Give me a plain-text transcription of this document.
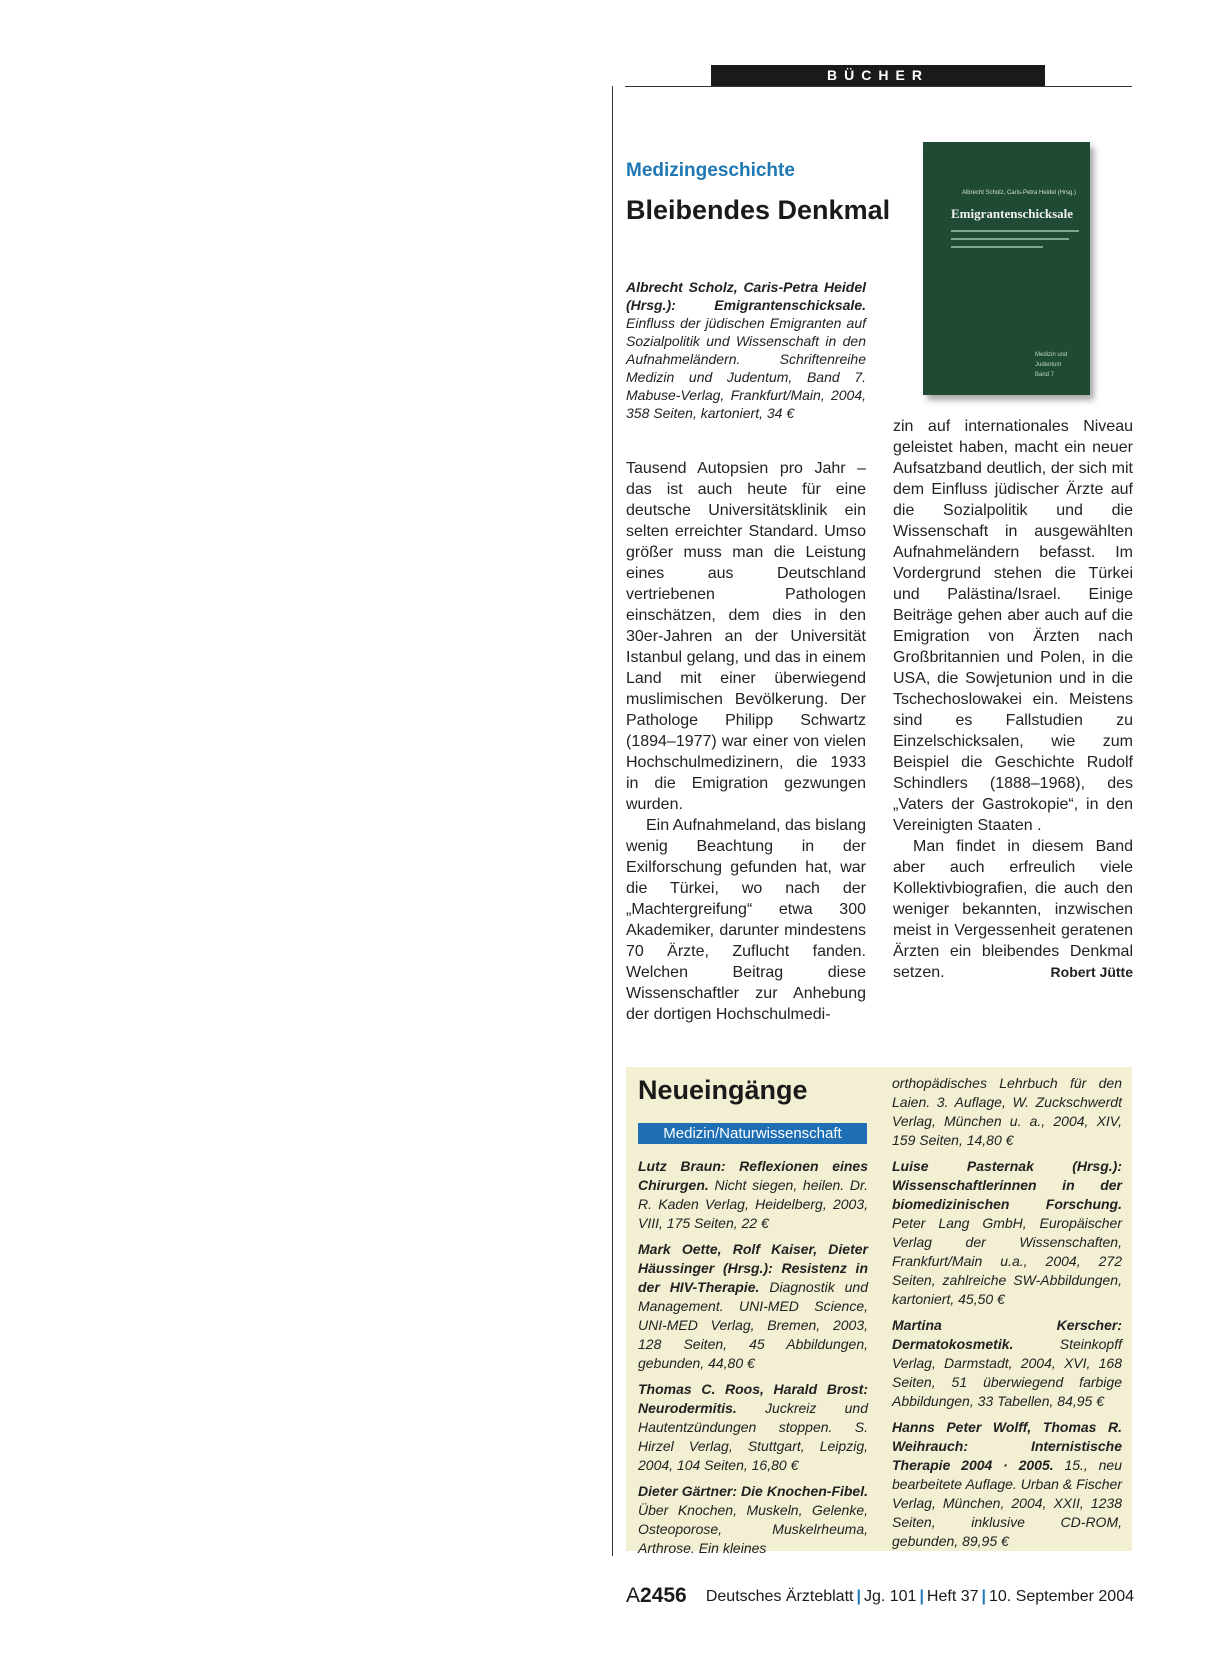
BÜCHER
Medizingeschichte
Bleibendes Denkmal
Albrecht Scholz, Caris-Petra Heidel (Hrsg.): Emigrantenschicksale. Einfluss der jüdischen Emigranten auf Sozialpolitik und Wissenschaft in den Aufnahmeländern. Schriftenreihe Medizin und Judentum, Band 7. Mabuse-Verlag, Frankfurt/Main, 2004, 358 Seiten, kartoniert, 34 €
Albrecht Scholz, Caris-Petra Heidel (Hrsg.)
Emigrantenschicksale
Medizin und
Judentum
Band 7

Tausend Autopsien pro Jahr – das ist auch heute für eine deutsche Universitätsklinik ein selten erreichter Standard. Umso größer muss man die Leistung eines aus Deutschland vertriebenen Pathologen einschätzen, dem dies in den 30er-Jahren an der Universität Istanbul gelang, und das in einem Land mit einer überwiegend muslimischen Bevölkerung. Der Pathologe Philipp Schwartz (1894–1977) war einer von vielen Hochschulmedizinern, die 1933 in die Emigration gezwungen wurden.

Ein Aufnahmeland, das bislang wenig Beachtung in der Exilforschung gefunden hat, war die Türkei, wo nach der „Machtergreifung“ etwa 300 Akademiker, darunter mindestens 70 Ärzte, Zuflucht fanden. Welchen Beitrag diese Wissenschaftler zur Anhebung der dortigen Hochschulmedi-

zin auf internationales Niveau geleistet haben, macht ein neuer Aufsatzband deutlich, der sich mit dem Einfluss jüdischer Ärzte auf die Sozialpolitik und die Wissenschaft in ausgewählten Aufnahmeländern befasst. Im Vordergrund stehen die Türkei und Palästina/Israel. Einige Beiträge gehen aber auch auf die Emigration von Ärzten nach Großbritannien und Polen, in die USA, die Sowjetunion und in die Tschechoslowakei ein. Meistens sind es Fallstudien zu Einzelschicksalen, wie zum Beispiel die Geschichte Rudolf Schindlers (1888–1968), des „Vaters der Gastrokopie“, in den Vereinigten Staaten .

Man findet in diesem Band aber auch erfreulich viele Kollektivbiografien, die auch den weniger bekannten, inzwischen meist in Vergessenheit geratenen Ärzten ein bleibendes Denkmal setzen.	Robert Jütte

Neueingänge
Medizin/Naturwissenschaft

Lutz Braun: Reflexionen eines Chirurgen. Nicht siegen, heilen. Dr. R. Kaden Verlag, Heidelberg, 2003, VIII, 175 Seiten, 22 €

Mark Oette, Rolf Kaiser, Dieter Häussinger (Hrsg.): Resistenz in der HIV-Therapie. Diagnostik und Management. UNI-MED Science, UNI-MED Verlag, Bremen, 2003, 128 Seiten, 45 Abbildungen, gebunden, 44,80 €

Thomas C. Roos, Harald Brost: Neurodermitis. Juckreiz und Hautentzündungen stoppen. S. Hirzel Verlag, Stuttgart, Leipzig, 2004, 104 Seiten, 16,80 €

Dieter Gärtner: Die Knochen-Fibel. Über Knochen, Muskeln, Gelenke, Osteoporose, Muskelrheuma, Arthrose. Ein kleines

orthopädisches Lehrbuch für den Laien. 3. Auflage, W. Zuckschwerdt Verlag, München u. a., 2004, XIV, 159 Seiten, 14,80 €

Luise Pasternak (Hrsg.): Wissenschaftlerinnen in der biomedizinischen Forschung. Peter Lang GmbH, Europäischer Verlag der Wissenschaften, Frankfurt/Main u.a., 2004, 272 Seiten, zahlreiche SW-Abbildungen, kartoniert, 45,50 €

Martina Kerscher: Dermatokosmetik. Steinkopff Verlag, Darmstadt, 2004, XVI, 168 Seiten, 51 überwiegend farbige Abbildungen, 33 Tabellen, 84,95 €

Hanns Peter Wolff, Thomas R. Weihrauch: Internistische Therapie 2004 · 2005. 15., neu bearbeitete Auflage. Urban & Fischer Verlag, München, 2004, XXII, 1238 Seiten, inklusive CD-ROM, gebunden, 89,95 €

A2456 Deutsches Ärzteblatt | Jg. 101 | Heft 37 | 10. September 2004
